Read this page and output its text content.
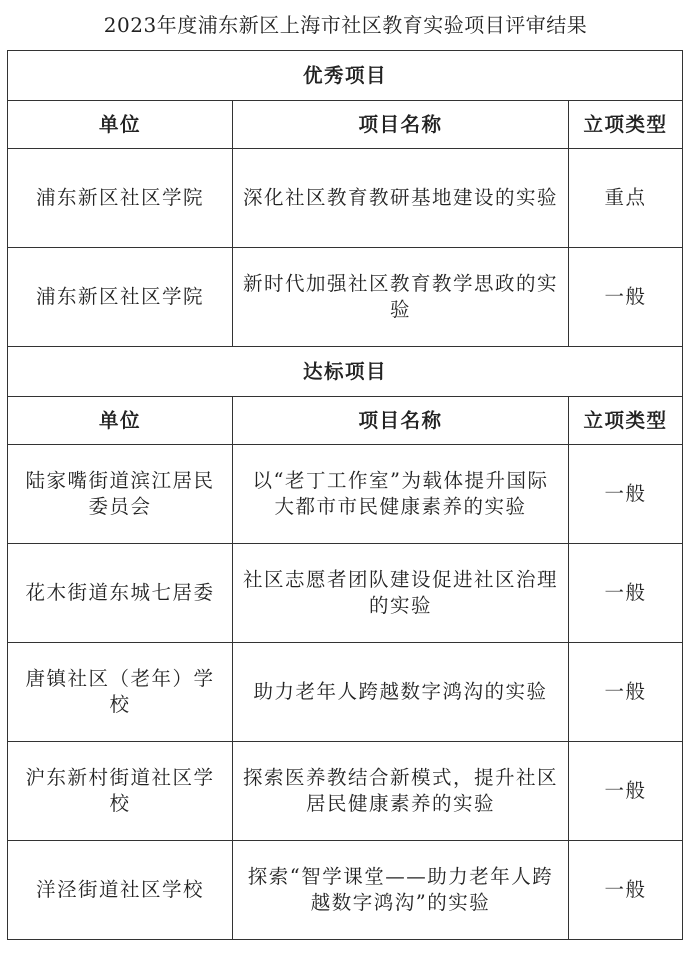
2023年度浦东新区上海市社区教育实验项目评审结果
优秀项目		
单位	项目名称	立项类型
浦东新区社区学院	深化社区教育教研基地建设的实验	重点
浦东新区社区学院	新时代加强社区教育教学思政的实验	一般
达标项目		
单位	项目名称	立项类型
陆家嘴街道滨江居民委员会	以“老丁工作室”为载体提升国际大都市市民健康素养的实验	一般
花木街道东城七居委	社区志愿者团队建设促进社区治理的实验	一般
唐镇社区（老年）学校	助力老年人跨越数字鸿沟的实验	一般
沪东新村街道社区学校	探索医养教结合新模式，提升社区居民健康素养的实验	一般
洋泾街道社区学校	探索“智学课堂——助力老年人跨越数字鸿沟”的实验	一般
